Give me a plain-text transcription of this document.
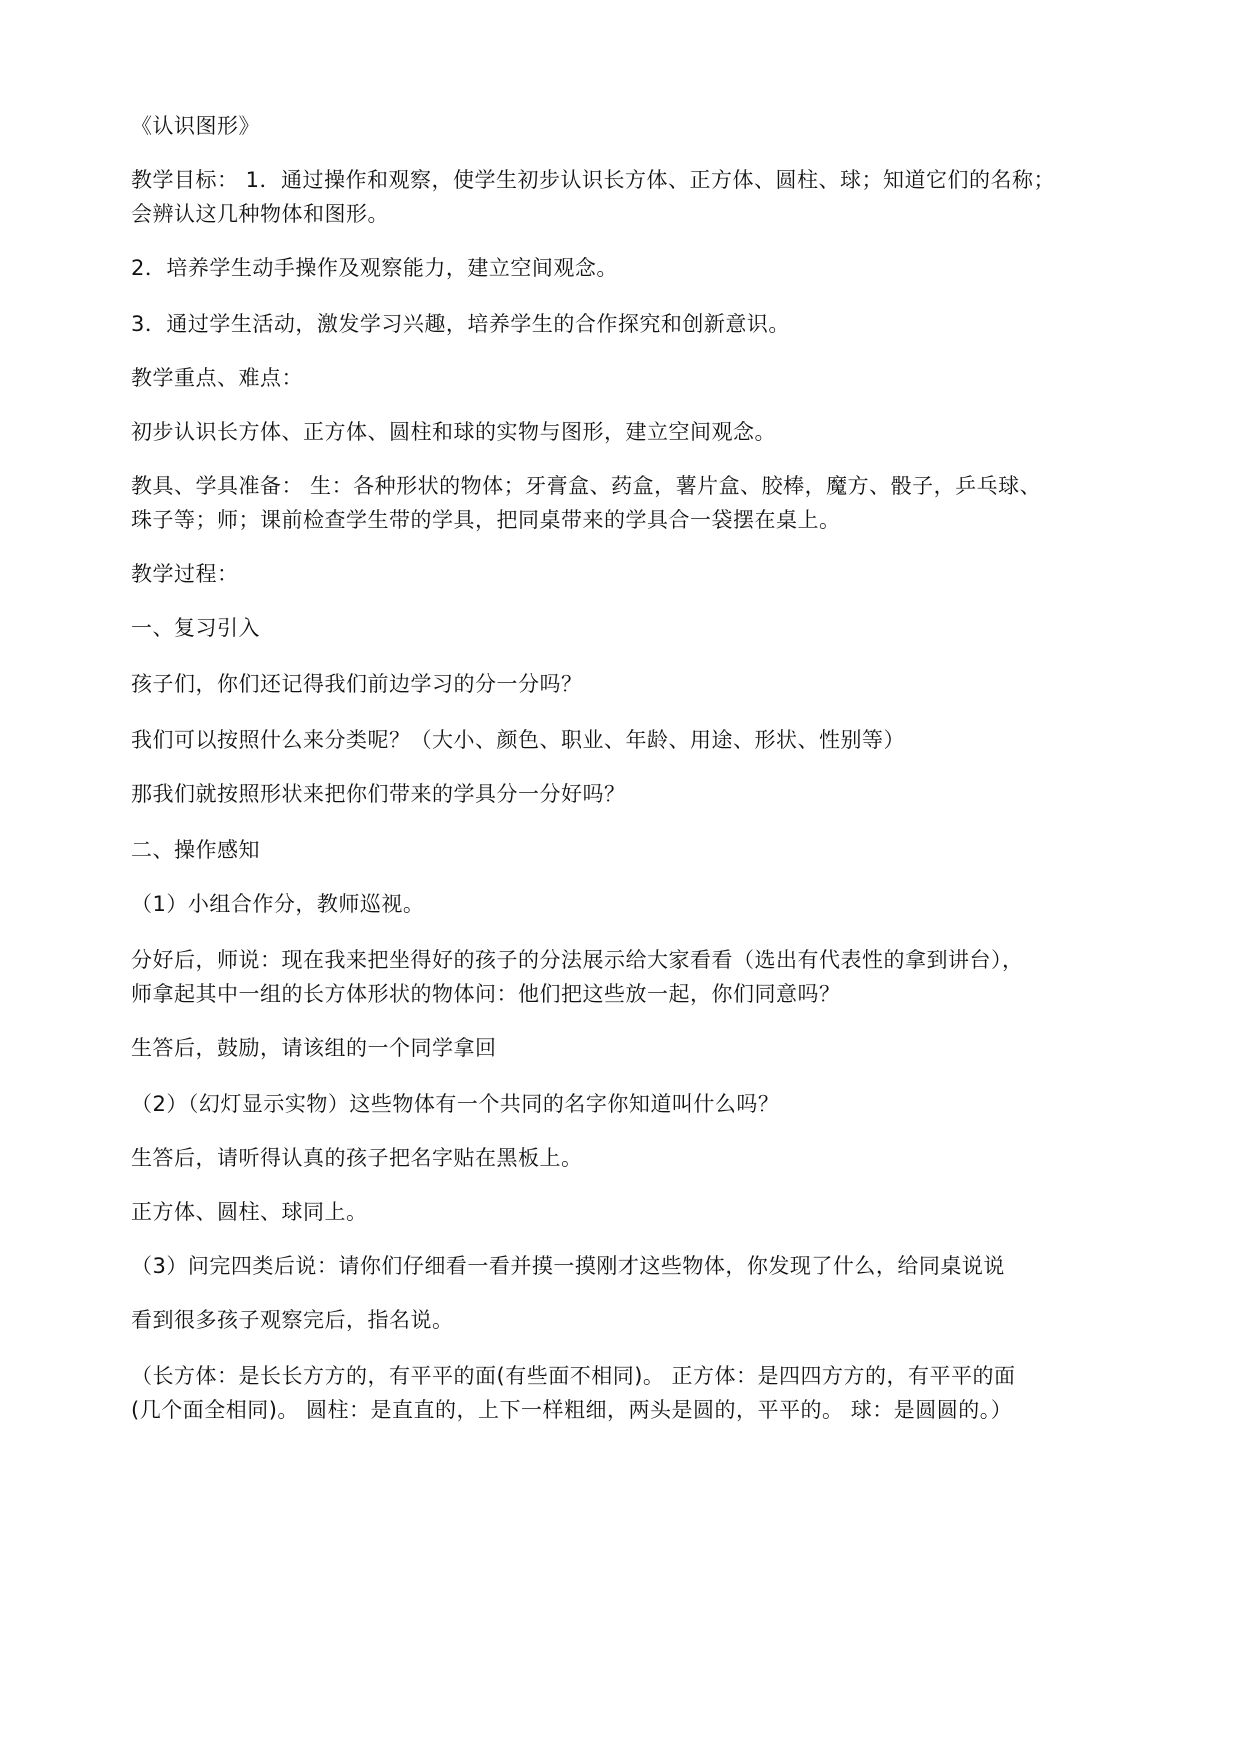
《认识图形》
教学目标： 1．通过操作和观察，使学生初步认识长方体、正方体、圆柱、球；知道它们的名称；
会辨认这几种物体和图形。
2．培养学生动手操作及观察能力，建立空间观念。
3．通过学生活动，激发学习兴趣，培养学生的合作探究和创新意识。
教学重点、难点：
初步认识长方体、正方体、圆柱和球的实物与图形，建立空间观念。
教具、学具准备： 生：各种形状的物体；牙膏盒、药盒，薯片盒、胶棒，魔方、骰子，乒乓球、
珠子等；师；课前检查学生带的学具，把同桌带来的学具合一袋摆在桌上。
教学过程：
一、复习引入
孩子们，你们还记得我们前边学习的分一分吗？
我们可以按照什么来分类呢？（大小、颜色、职业、年龄、用途、形状、性别等）
那我们就按照形状来把你们带来的学具分一分好吗？
二、操作感知
（1）小组合作分，教师巡视。
分好后，师说：现在我来把坐得好的孩子的分法展示给大家看看（选出有代表性的拿到讲台），
师拿起其中一组的长方体形状的物体问：他们把这些放一起，你们同意吗？
生答后，鼓励，请该组的一个同学拿回
（2）（幻灯显示实物）这些物体有一个共同的名字你知道叫什么吗？
生答后，请听得认真的孩子把名字贴在黑板上。
正方体、圆柱、球同上。
（3）问完四类后说：请你们仔细看一看并摸一摸刚才这些物体，你发现了什么，给同桌说说
看到很多孩子观察完后，指名说。
（长方体：是长长方方的，有平平的面(有些面不相同)。 正方体：是四四方方的，有平平的面
(几个面全相同)。 圆柱：是直直的，上下一样粗细，两头是圆的，平平的。 球：是圆圆的。）
